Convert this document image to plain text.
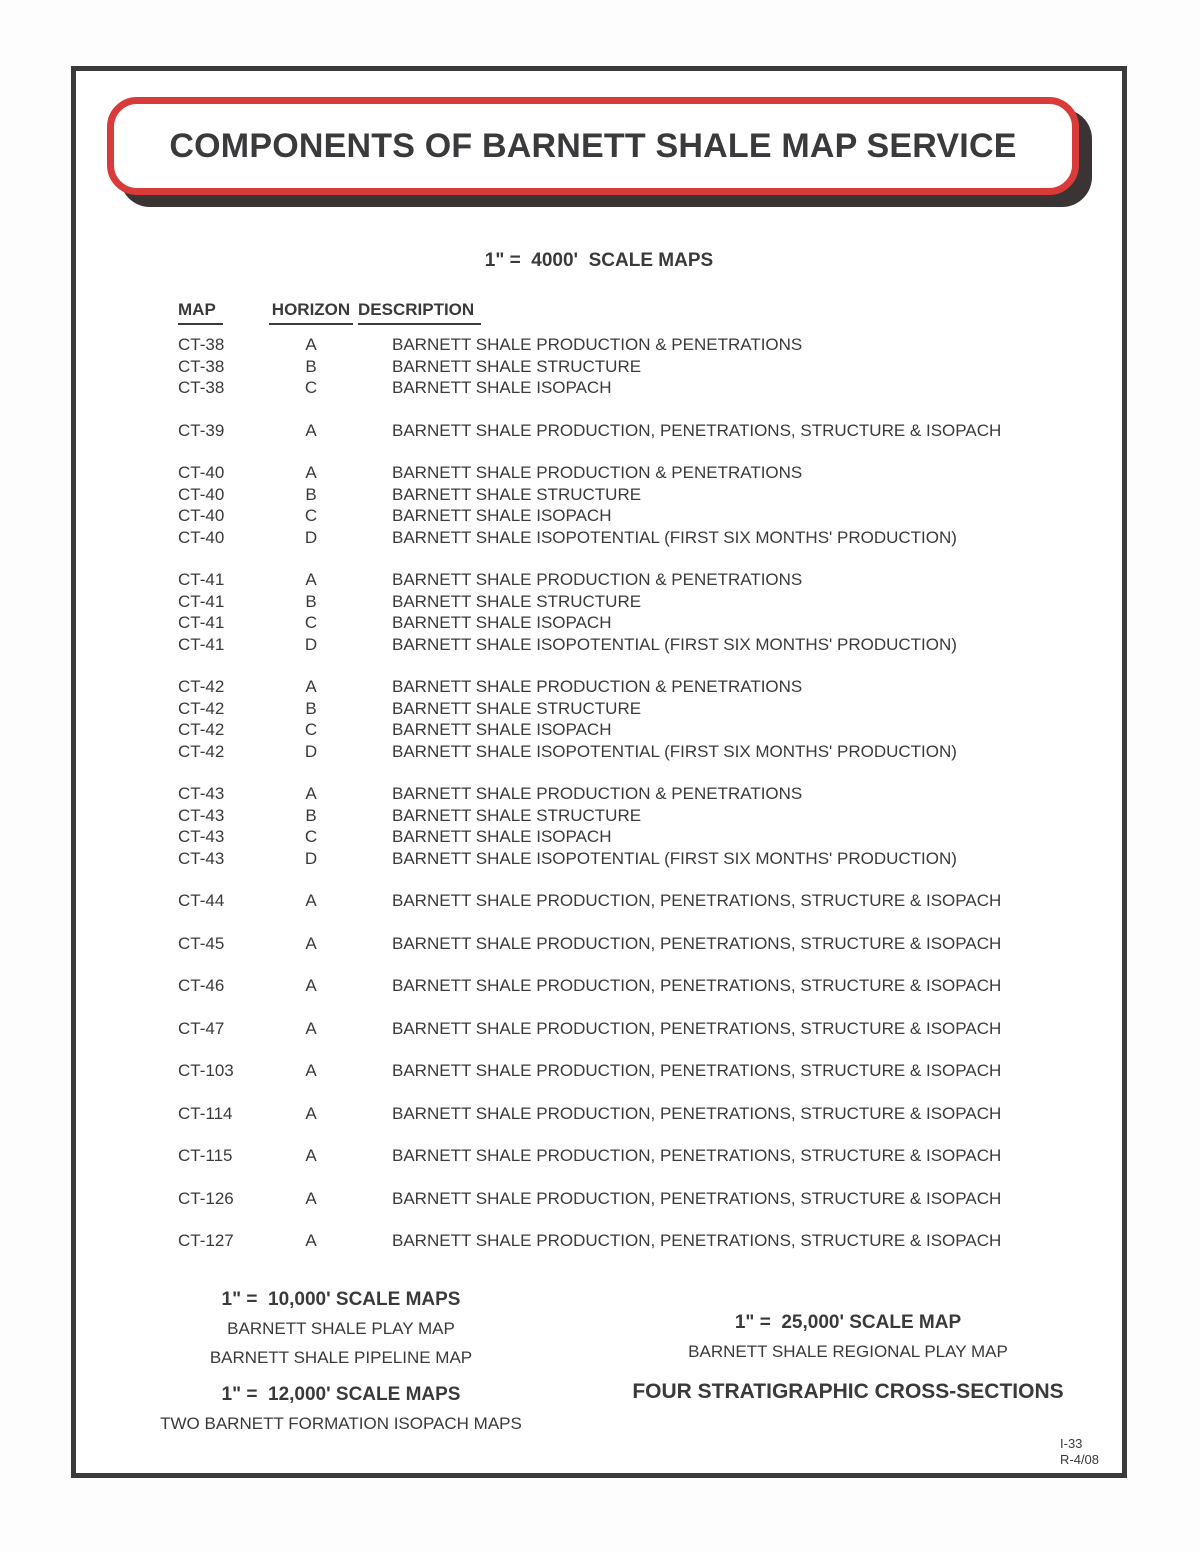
COMPONENTS OF BARNETT SHALE MAP SERVICE
1" =  4000'  SCALE MAPS
MAP	HORIZON DESCRIPTION
CT-38	A	BARNETT SHALE PRODUCTION & PENETRATIONS
CT-38	B	BARNETT SHALE STRUCTURE
CT-38	C	BARNETT SHALE ISOPACH
CT-39	A	BARNETT SHALE PRODUCTION, PENETRATIONS, STRUCTURE & ISOPACH
CT-40	A	BARNETT SHALE PRODUCTION & PENETRATIONS
CT-40	B	BARNETT SHALE STRUCTURE
CT-40	C	BARNETT SHALE ISOPACH
CT-40	D	BARNETT SHALE ISOPOTENTIAL (FIRST SIX MONTHS' PRODUCTION)
CT-41	A	BARNETT SHALE PRODUCTION & PENETRATIONS
CT-41	B	BARNETT SHALE STRUCTURE
CT-41	C	BARNETT SHALE ISOPACH
CT-41	D	BARNETT SHALE ISOPOTENTIAL (FIRST SIX MONTHS' PRODUCTION)
CT-42	A	BARNETT SHALE PRODUCTION & PENETRATIONS
CT-42	B	BARNETT SHALE STRUCTURE
CT-42	C	BARNETT SHALE ISOPACH
CT-42	D	BARNETT SHALE ISOPOTENTIAL (FIRST SIX MONTHS' PRODUCTION)
CT-43	A	BARNETT SHALE PRODUCTION & PENETRATIONS
CT-43	B	BARNETT SHALE STRUCTURE
CT-43	C	BARNETT SHALE ISOPACH
CT-43	D	BARNETT SHALE ISOPOTENTIAL (FIRST SIX MONTHS' PRODUCTION)
CT-44	A	BARNETT SHALE PRODUCTION, PENETRATIONS, STRUCTURE & ISOPACH
CT-45	A	BARNETT SHALE PRODUCTION, PENETRATIONS, STRUCTURE & ISOPACH
CT-46	A	BARNETT SHALE PRODUCTION, PENETRATIONS, STRUCTURE & ISOPACH
CT-47	A	BARNETT SHALE PRODUCTION, PENETRATIONS, STRUCTURE & ISOPACH
CT-103	A	BARNETT SHALE PRODUCTION, PENETRATIONS, STRUCTURE & ISOPACH
CT-114	A	BARNETT SHALE PRODUCTION, PENETRATIONS, STRUCTURE & ISOPACH
CT-115	A	BARNETT SHALE PRODUCTION, PENETRATIONS, STRUCTURE & ISOPACH
CT-126	A	BARNETT SHALE PRODUCTION, PENETRATIONS, STRUCTURE & ISOPACH
CT-127	A	BARNETT SHALE PRODUCTION, PENETRATIONS, STRUCTURE & ISOPACH
1" =  10,000' SCALE MAPS
BARNETT SHALE PLAY MAP
BARNETT SHALE PIPELINE MAP
1" =  12,000' SCALE MAPS
TWO BARNETT FORMATION ISOPACH MAPS
1" =  25,000' SCALE MAP
BARNETT SHALE REGIONAL PLAY MAP
FOUR STRATIGRAPHIC CROSS-SECTIONS
I-33
R-4/08
